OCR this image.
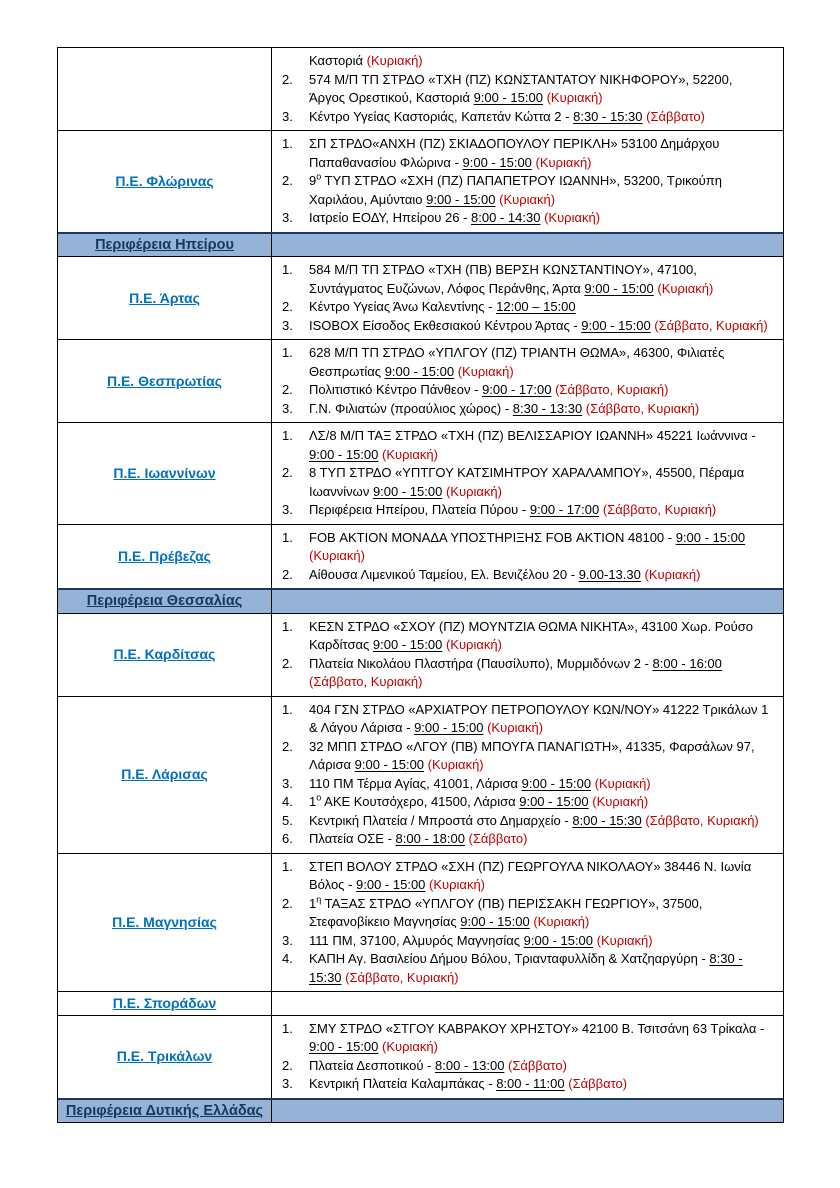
Καστοριά (Κυριακή)
2.	574 Μ/Π ΤΠ ΣΤΡΔΟ «ΤΧΗ (ΠΖ) ΚΩΝΣΤΑΝΤΑΤΟΥ ΝΙΚΗΦΟΡΟΥ», 52200, Άργος Ορεστικού, Καστοριά 9:00 - 15:00 (Κυριακή)
3.	Κέντρο Υγείας Καστοριάς, Καπετάν Κώττα 2 - 8:30 - 15:30 (Σάββατο)
Π.Ε. Φλώρινας
1.	ΣΠ ΣΤΡΔΟ«ΑΝΧΗ (ΠΖ) ΣΚΙΑΔΟΠΟΥΛΟΥ ΠΕΡΙΚΛΗ» 53100 Δημάρχου Παπαθανασίου Φλώρινα - 9:00 - 15:00 (Κυριακή)
2.	$9^o$ ΤΥΠ ΣΤΡΔΟ «ΣΧΗ (ΠΖ) ΠΑΠΑΠΕΤΡΟΥ ΙΩΑΝΝΗ», 53200, Τρικούπη Χαριλάου, Αμύνταιο 9:00 - 15:00 (Κυριακή)
3.	Ιατρείο ΕΟΔΥ, Ηπείρου 26 - 8:00 - 14:30 (Κυριακή)
Περιφέρεια Ηπείρου
Π.Ε. Άρτας
1.	584 Μ/Π ΤΠ ΣΤΡΔΟ «ΤΧΗ (ΠΒ) ΒΕΡΣΗ ΚΩΝΣΤΑΝΤΙΝΟΥ», 47100, Συντάγματος Ευζώνων, Λόφος Περάνθης, Άρτα 9:00 - 15:00 (Κυριακή)
2.	Κέντρο Υγείας Άνω Καλεντίνης - 12:00 – 15:00
3.	ISOBOX Είσοδος Εκθεσιακού Κέντρου Άρτας - 9:00 - 15:00 (Σάββατο, Κυριακή)
Π.Ε. Θεσπρωτίας
1.	628 Μ/Π ΤΠ ΣΤΡΔΟ «ΥΠΛΓΟΥ (ΠΖ) ΤΡΙΑΝΤΗ ΘΩΜΑ», 46300, Φιλιατές Θεσπρωτίας 9:00 - 15:00 (Κυριακή)
2.	Πολιτιστικό Κέντρο Πάνθεον - 9:00 - 17:00 (Σάββατο, Κυριακή)
3.	Γ.Ν. Φιλιατών (προαύλιος χώρος) - 8:30 - 13:30 (Σάββατο, Κυριακή)
Π.Ε. Ιωαννίνων
1.	ΛΣ/8 Μ/Π ΤΑΞ ΣΤΡΔΟ «ΤΧΗ (ΠΖ) ΒΕΛΙΣΣΑΡΙΟΥ ΙΩΑΝΝΗ» 45221 Ιωάννινα - 9:00 - 15:00 (Κυριακή)
2.	8 ΤΥΠ ΣΤΡΔΟ «ΥΠΤΓΟΥ ΚΑΤΣΙΜΗΤΡΟΥ ΧΑΡΑΛΑΜΠΟΥ», 45500, Πέραμα Ιωαννίνων 9:00 - 15:00 (Κυριακή)
3.	Περιφέρεια Ηπείρου, Πλατεία Πύρου - 9:00 - 17:00 (Σάββατο, Κυριακή)
Π.Ε. Πρέβεζας
1.	FOB ΑΚΤΙΟΝ ΜΟΝΑΔΑ ΥΠΟΣΤΗΡΙΞΗΣ FOB ΑΚΤΙΟΝ 48100 - 9:00 - 15:00 (Κυριακή)
2.	Αίθουσα Λιμενικού Ταμείου, Ελ. Βενιζέλου 20 - 9.00-13.30 (Κυριακή)
Περιφέρεια Θεσσαλίας
Π.Ε. Καρδίτσας
1.	ΚΕΣΝ ΣΤΡΔΟ «ΣΧΟΥ (ΠΖ) ΜΟΥΝΤΖΙΑ ΘΩΜΑ ΝΙΚΗΤΑ», 43100 Χωρ. Ρούσο Καρδίτσας 9:00 - 15:00 (Κυριακή)
2.	Πλατεία Νικολάου Πλαστήρα (Παυσίλυπο), Μυρμιδόνων 2 - 8:00 - 16:00 (Σάββατο, Κυριακή)
Π.Ε. Λάρισας
1.	404 ΓΣΝ ΣΤΡΔΟ «ΑΡΧΙΑΤΡΟΥ ΠΕΤΡΟΠΟΥΛΟΥ ΚΩΝ/ΝΟΥ» 41222 Τρικάλων 1 & Λάγου Λάρισα - 9:00 - 15:00 (Κυριακή)
2.	32 ΜΠΠ ΣΤΡΔΟ «ΛΓΟΥ (ΠΒ) ΜΠΟΥΓΑ ΠΑΝΑΓΙΩΤΗ», 41335, Φαρσάλων 97, Λάρισα 9:00 - 15:00 (Κυριακή)
3.	110 ΠΜ Τέρμα Αγίας, 41001, Λάρισα 9:00 - 15:00 (Κυριακή)
4.	$1^o$ ΑΚΕ Κουτσόχερο, 41500, Λάρισα 9:00 - 15:00 (Κυριακή)
5.	Κεντρική Πλατεία / Μπροστά στο Δημαρχείο - 8:00 - 15:30 (Σάββατο, Κυριακή)
6.	Πλατεία ΟΣΕ - 8:00 - 18:00 (Σάββατο)
Π.Ε. Μαγνησίας
1.	ΣΤΕΠ ΒΟΛΟΥ ΣΤΡΔΟ «ΣΧΗ (ΠΖ) ΓΕΩΡΓΟΥΛΑ ΝΙΚΟΛΑΟΥ» 38446 Ν. Ιωνία Βόλος - 9:00 - 15:00 (Κυριακή)
2.	$1^\eta$ ΤΑΞΑΣ ΣΤΡΔΟ «ΥΠΛΓΟΥ (ΠΒ) ΠΕΡΙΣΣΑΚΗ ΓΕΩΡΓΙΟΥ», 37500, Στεφανοβίκειο Μαγνησίας 9:00 - 15:00 (Κυριακή)
3.	111 ΠΜ, 37100, Αλμυρός Μαγνησίας 9:00 - 15:00 (Κυριακή)
4.	ΚΑΠΗ Αγ. Βασιλείου Δήμου Βόλου, Τριανταφυλλίδη & Χατζηαργύρη - 8:30 - 15:30 (Σάββατο, Κυριακή)
Π.Ε. Σποράδων
Π.Ε. Τρικάλων
1.	ΣΜΥ ΣΤΡΔΟ «ΣΤΓΟΥ ΚΑΒΡΑΚΟΥ ΧΡΗΣΤΟΥ» 42100 Β. Τσιτσάνη 63 Τρίκαλα - 9:00 - 15:00 (Κυριακή)
2.	Πλατεία Δεσποτικού - 8:00 - 13:00 (Σάββατο)
3.	Κεντρική Πλατεία Καλαμπάκας - 8:00 - 11:00 (Σάββατο)
Περιφέρεια Δυτικής Ελλάδας
